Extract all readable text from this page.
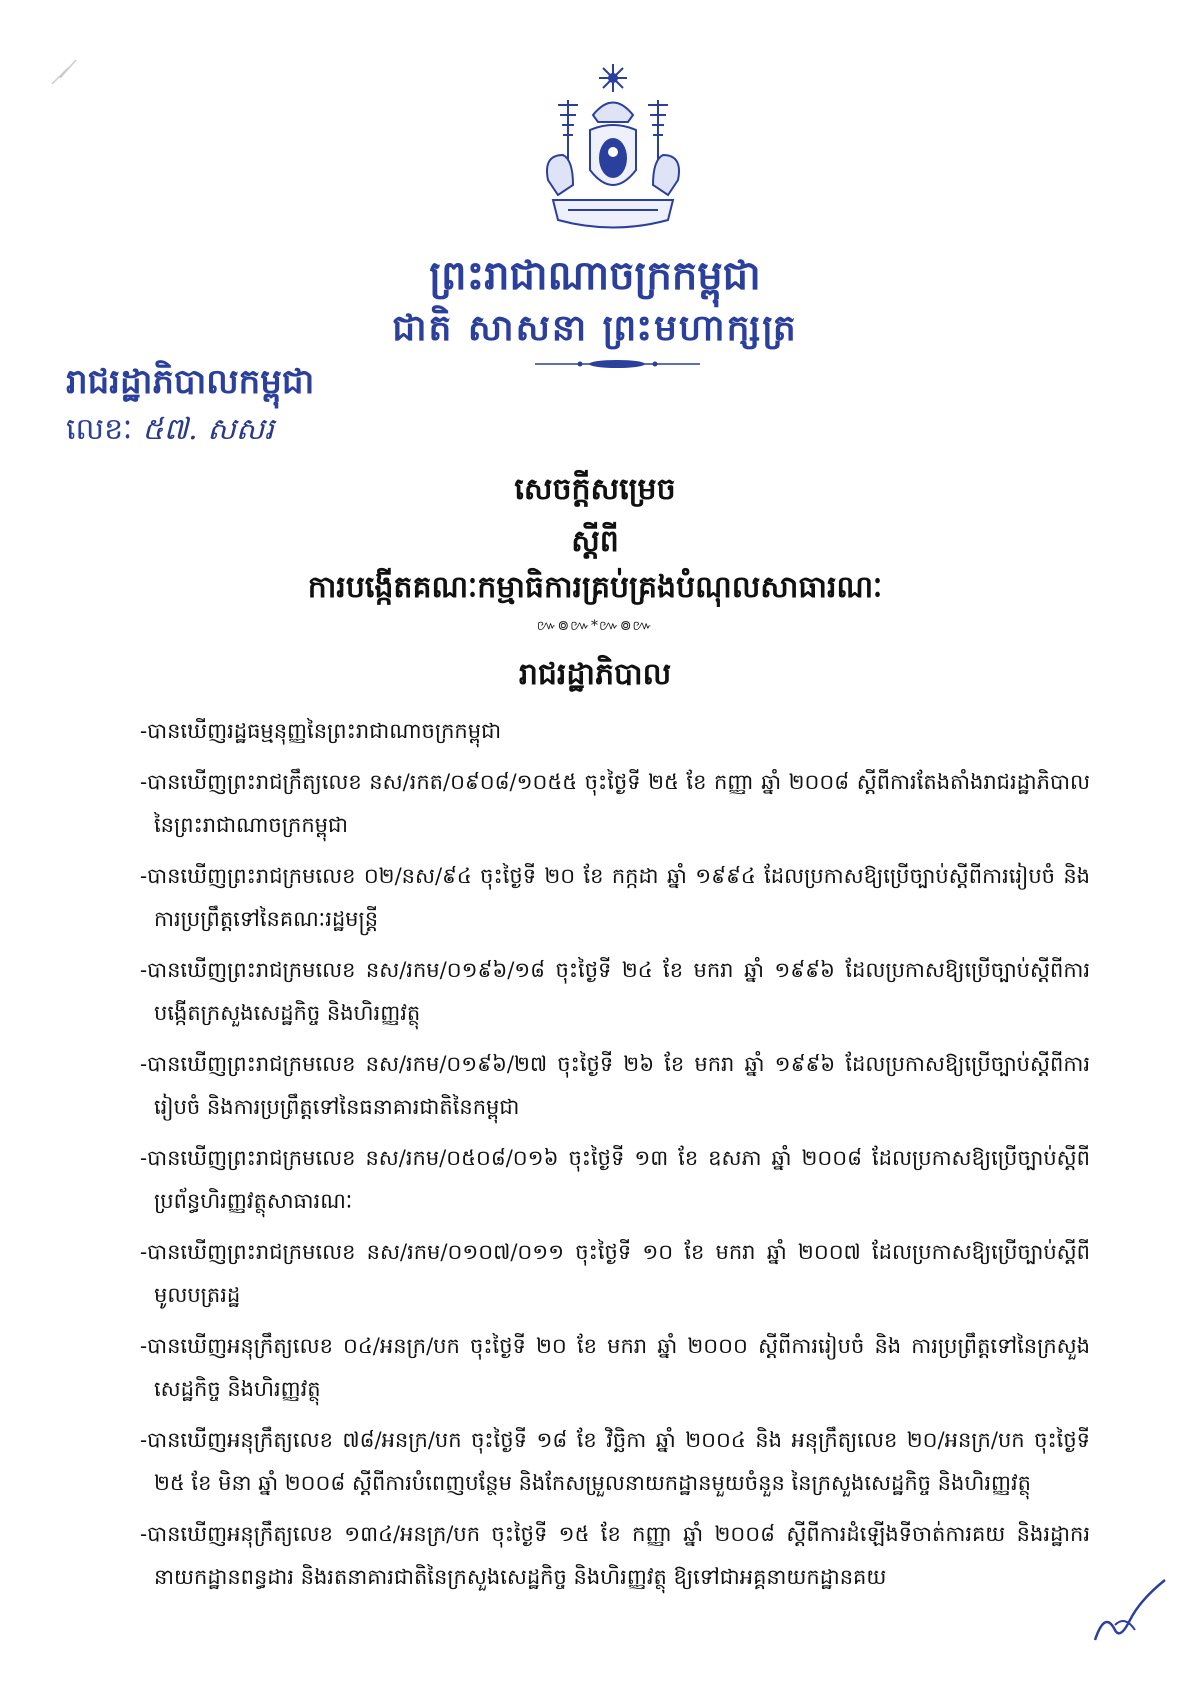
ព្រះរាជាណាចក្រកម្ពុជា
ជាតិ សាសនា ព្រះមហាក្សត្រ
រាជរដ្ឋាភិបាលកម្ពុជា
លេខៈ ៥៧. សសរ
សេចក្តីសម្រេច
ស្តីពី
ការបង្កើតគណៈកម្មាធិការគ្រប់គ្រងបំណុលសាធារណៈ
៚៙៚*៚៙៚
រាជរដ្ឋាភិបាល

-បានឃើញរដ្ឋធម្មនុញ្ញនៃព្រះរាជាណាចក្រកម្ពុជា

-បានឃើញព្រះរាជក្រឹត្យលេខ នស/រកត/០៩០៨/១០៥៥ ចុះថ្ងៃទី ២៥ ខែ កញ្ញា ឆ្នាំ ២០០៨ ស្តីពីការតែងតាំងរាជរដ្ឋាភិបាលនៃព្រះរាជាណាចក្រកម្ពុជា

-បានឃើញព្រះរាជក្រមលេខ ០២/នស/៩៤ ចុះថ្ងៃទី ២០ ខែ កក្កដា ឆ្នាំ ១៩៩៤ ដែលប្រកាសឱ្យប្រើច្បាប់ស្តីពីការរៀបចំ និង ការប្រព្រឹត្តទៅនៃគណៈរដ្ឋមន្ត្រី

-បានឃើញព្រះរាជក្រមលេខ នស/រកម/០១៩៦/១៨ ចុះថ្ងៃទី ២៤ ខែ មករា ឆ្នាំ ១៩៩៦ ដែលប្រកាសឱ្យប្រើច្បាប់ស្តីពីការបង្កើតក្រសួងសេដ្ឋកិច្ច និងហិរញ្ញវត្ថុ

-បានឃើញព្រះរាជក្រមលេខ នស/រកម/០១៩៦/២៧ ចុះថ្ងៃទី ២៦ ខែ មករា ឆ្នាំ ១៩៩៦ ដែលប្រកាសឱ្យប្រើច្បាប់ស្តីពីការរៀបចំ និងការប្រព្រឹត្តទៅនៃធនាគារជាតិនៃកម្ពុជា

-បានឃើញព្រះរាជក្រមលេខ នស/រកម/០៥០៨/០១៦ ចុះថ្ងៃទី ១៣ ខែ ឧសភា ឆ្នាំ ២០០៨ ដែលប្រកាសឱ្យប្រើច្បាប់ស្តីពីប្រព័ន្ធហិរញ្ញវត្ថុសាធារណៈ

-បានឃើញព្រះរាជក្រមលេខ នស/រកម/០១០៧/០១១ ចុះថ្ងៃទី ១០ ខែ មករា ឆ្នាំ ២០០៧ ដែលប្រកាសឱ្យប្រើច្បាប់ស្តីពីមូលបត្ររដ្ឋ

-បានឃើញអនុក្រឹត្យលេខ ០៤/អនក្រ/បក ចុះថ្ងៃទី ២០ ខែ មករា ឆ្នាំ ២០០០ ស្តីពីការរៀបចំ និង ការប្រព្រឹត្តទៅនៃក្រសួងសេដ្ឋកិច្ច និងហិរញ្ញវត្ថុ

-បានឃើញអនុក្រឹត្យលេខ ៧៨/អនក្រ/បក ចុះថ្ងៃទី ១៨ ខែ វិច្ឆិកា ឆ្នាំ ២០០៤ និង អនុក្រឹត្យលេខ ២០/អនក្រ/បក ចុះថ្ងៃទី ២៥ ខែ មិនា ឆ្នាំ ២០០៨ ស្តីពីការបំពេញបន្ថែម និងកែសម្រួលនាយកដ្ឋានមួយចំនួន នៃក្រសួងសេដ្ឋកិច្ច និងហិរញ្ញវត្ថុ

-បានឃើញអនុក្រឹត្យលេខ ១៣៤/អនក្រ/បក ចុះថ្ងៃទី ១៥ ខែ កញ្ញា ឆ្នាំ ២០០៨ ស្តីពីការដំឡើងទីចាត់ការគយ និងរដ្ឋាករ នាយកដ្ឋានពន្ធដារ និងរតនាគារជាតិនៃក្រសួងសេដ្ឋកិច្ច និងហិរញ្ញវត្ថុ ឱ្យទៅជាអគ្គនាយកដ្ឋានគយ
